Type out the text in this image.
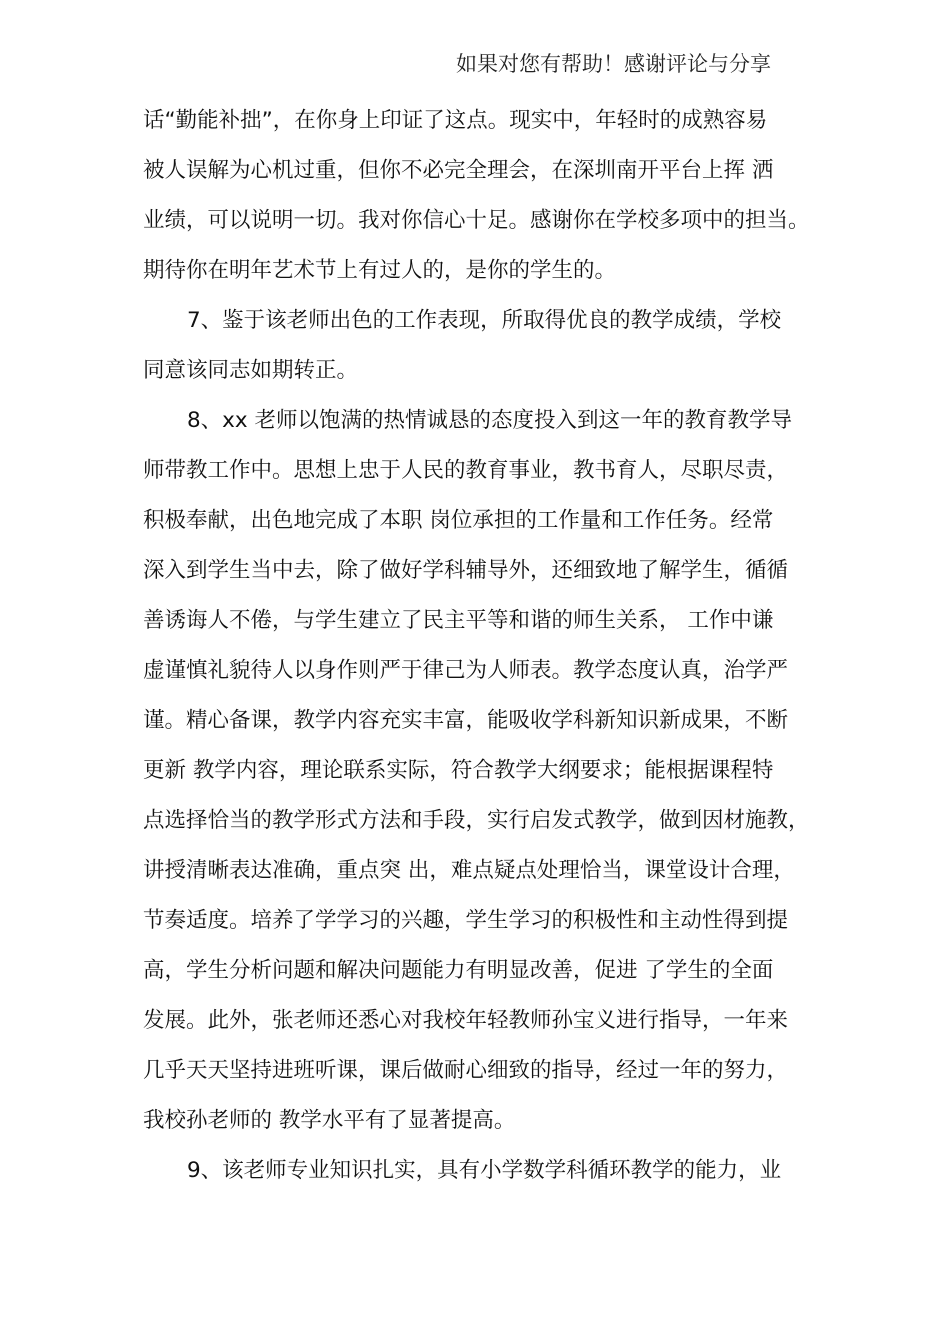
如果对您有帮助！感谢评论与分享
话“勤能补拙”，在你身上印证了这点。现实中，年轻时的成熟容易
被人误解为心机过重，但你不必完全理会，在深圳南开平台上挥 洒
业绩，可以说明一切。我对你信心十足。感谢你在学校多项中的担当。
期待你在明年艺术节上有过人的，是你的学生的。
7、鉴于该老师出色的工作表现，所取得优良的教学成绩，学校
同意该同志如期转正。
8、xx 老师以饱满的热情诚恳的态度投入到这一年的教育教学导
师带教工作中。思想上忠于人民的教育事业，教书育人，尽职尽责，
积极奉献，出色地完成了本职 岗位承担的工作量和工作任务。经常
深入到学生当中去，除了做好学科辅导外，还细致地了解学生，循循
善诱诲人不倦，与学生建立了民主平等和谐的师生关系， 工作中谦
虚谨慎礼貌待人以身作则严于律己为人师表。教学态度认真，治学严
谨。精心备课，教学内容充实丰富，能吸收学科新知识新成果，不断
更新 教学内容，理论联系实际，符合教学大纲要求；能根据课程特
点选择恰当的教学形式方法和手段，实行启发式教学，做到因材施教，
讲授清晰表达准确，重点突 出，难点疑点处理恰当，课堂设计合理，
节奏适度。培养了学学习的兴趣，学生学习的积极性和主动性得到提
高，学生分析问题和解决问题能力有明显改善，促进 了学生的全面
发展。此外，张老师还悉心对我校年轻教师孙宝义进行指导，一年来
几乎天天坚持进班听课，课后做耐心细致的指导，经过一年的努力，
我校孙老师的 教学水平有了显著提高。
9、该老师专业知识扎实，具有小学数学科循环教学的能力，业
